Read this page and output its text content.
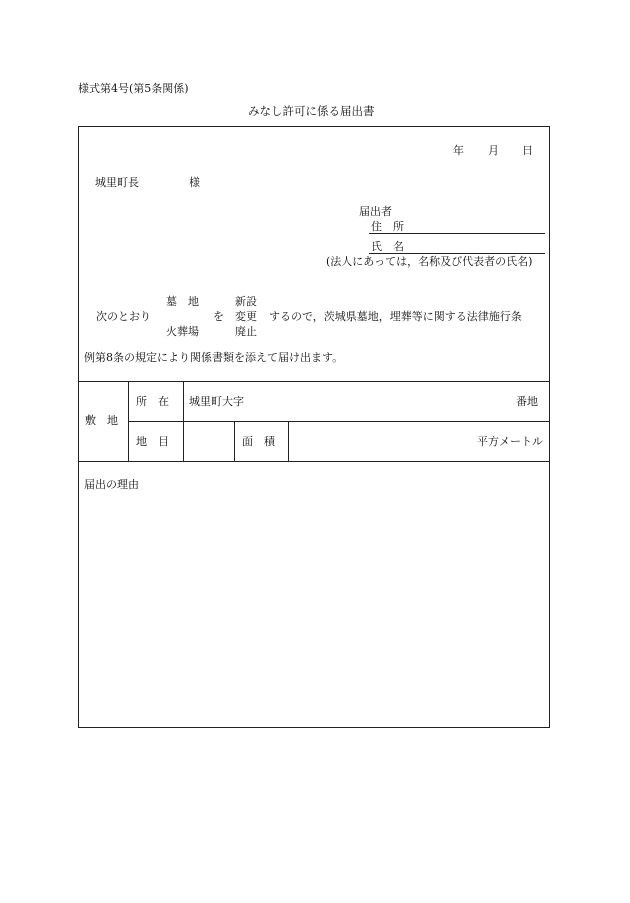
様式第4号(第5条関係)
みなし許可に係る届出書
年 月 日
城里町長	様
届出者
住　所
氏　名
(法人にあっては，名称及び代表者の氏名)
墓　地	新設
次のとおり	を 変更 するので，茨城県墓地，埋葬等に関する法律施行条
火葬場	廃止
例第8条の規定により関係書類を添えて届け出ます。
敷　地
所　在 城里町大字	番地
地　目	面　積	平方メートル
届出の理由
